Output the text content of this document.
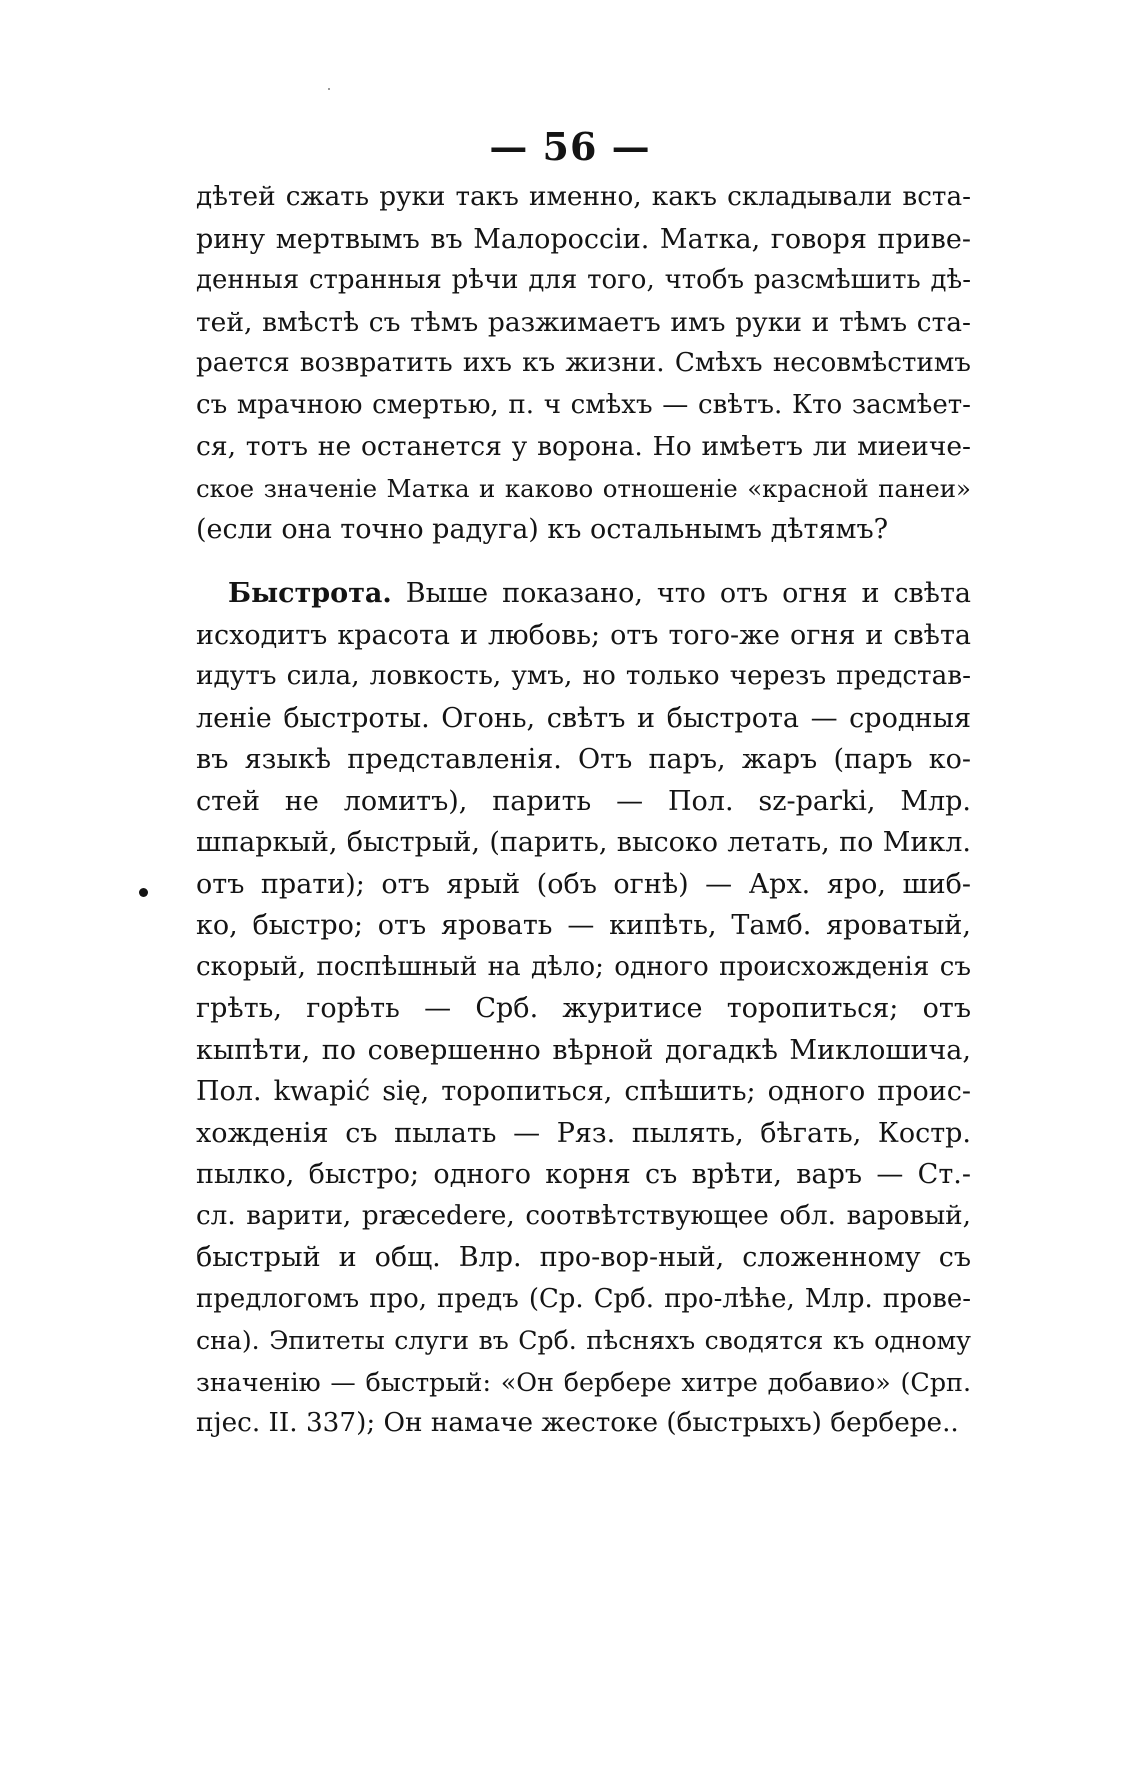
— 56 —
дѣтей сжать руки такъ именно, какъ складывали вста-
рину мертвымъ въ Малороссіи. Матка, говоря приве-
денныя странныя рѣчи для того, чтобъ разсмѣшить дѣ-
тей, вмѣстѣ съ тѣмъ разжимаетъ имъ руки и тѣмъ ста-
рается возвратить ихъ къ жизни. Смѣхъ несовмѣстимъ
съ мрачною смертью, п. ч смѣхъ — свѣтъ. Кто засмѣет-
ся, тотъ не останется у ворона. Но имѣетъ ли миеиче-
ское значеніе Матка и каково отношеніе «красной панеи»
(если она точно радуга) къ остальнымъ дѣтямъ?
Быстрота. Выше показано, что отъ огня и свѣта
исходитъ красота и любовь; отъ того-же огня и свѣта
идутъ сила, ловкость, умъ, но только черезъ представ-
леніе быстроты. Огонь, свѣтъ и быстрота — сродныя
въ языкѣ представленія. Отъ паръ, жаръ (паръ ко-
стей не ломитъ), парить — Пол. sz-parki, Млр.
шпаркый, быстрый, (парить, высоко летать, по Микл.
отъ прати); отъ ярый (объ огнѣ) — Арх. яро, шиб-
ко, быстро; отъ яровать — кипѣть, Тамб. яроватый,
скорый, поспѣшный на дѣло; одного происхожденія съ
грѣть, горѣть — Срб. журитисе торопиться; отъ
кыпѣти, по совершенно вѣрной догадкѣ Миклошича,
Пол. kwapić się, торопиться, спѣшить; одного проис-
хожденія съ пылать — Ряз. пылять, бѣгать, Костр.
пылко, быстро; одного корня съ врѣти, варъ — Ст.-
сл. варити, præcedere, соотвѣтствующее обл. варовый,
быстрый и общ. Влр. про-вор-ный, сложенному съ
предлогомъ про, предъ (Ср. Срб. про-лѣће, Млр. прове-
сна). Эпитеты слуги въ Срб. пѣсняхъ сводятся къ одному
значенію — быстрый: «Он бербере хитре добавио» (Срп.
пјес. II. 337); Он намаче жестоке (быстрыхъ) бербере..
